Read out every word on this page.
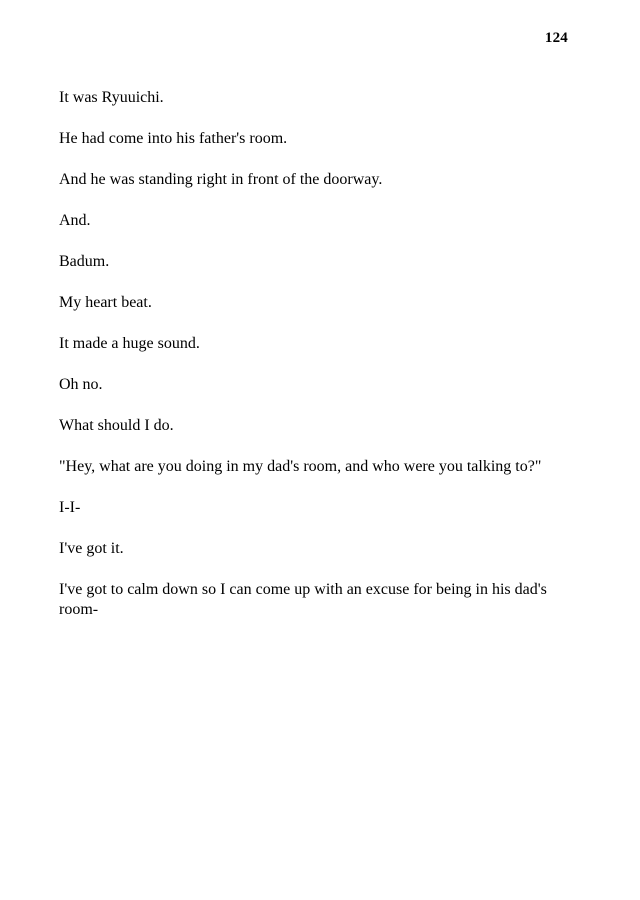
124

It was Ryuuichi.

He had come into his father's room.

And he was standing right in front of the doorway.

And.

Badum.

My heart beat.

It made a huge sound.

Oh no.

What should I do.

"Hey, what are you doing in my dad's room, and who were you talking to?"

I-I-

I've got it.

I've got to calm down so I can come up with an excuse for being in his dad's room-
